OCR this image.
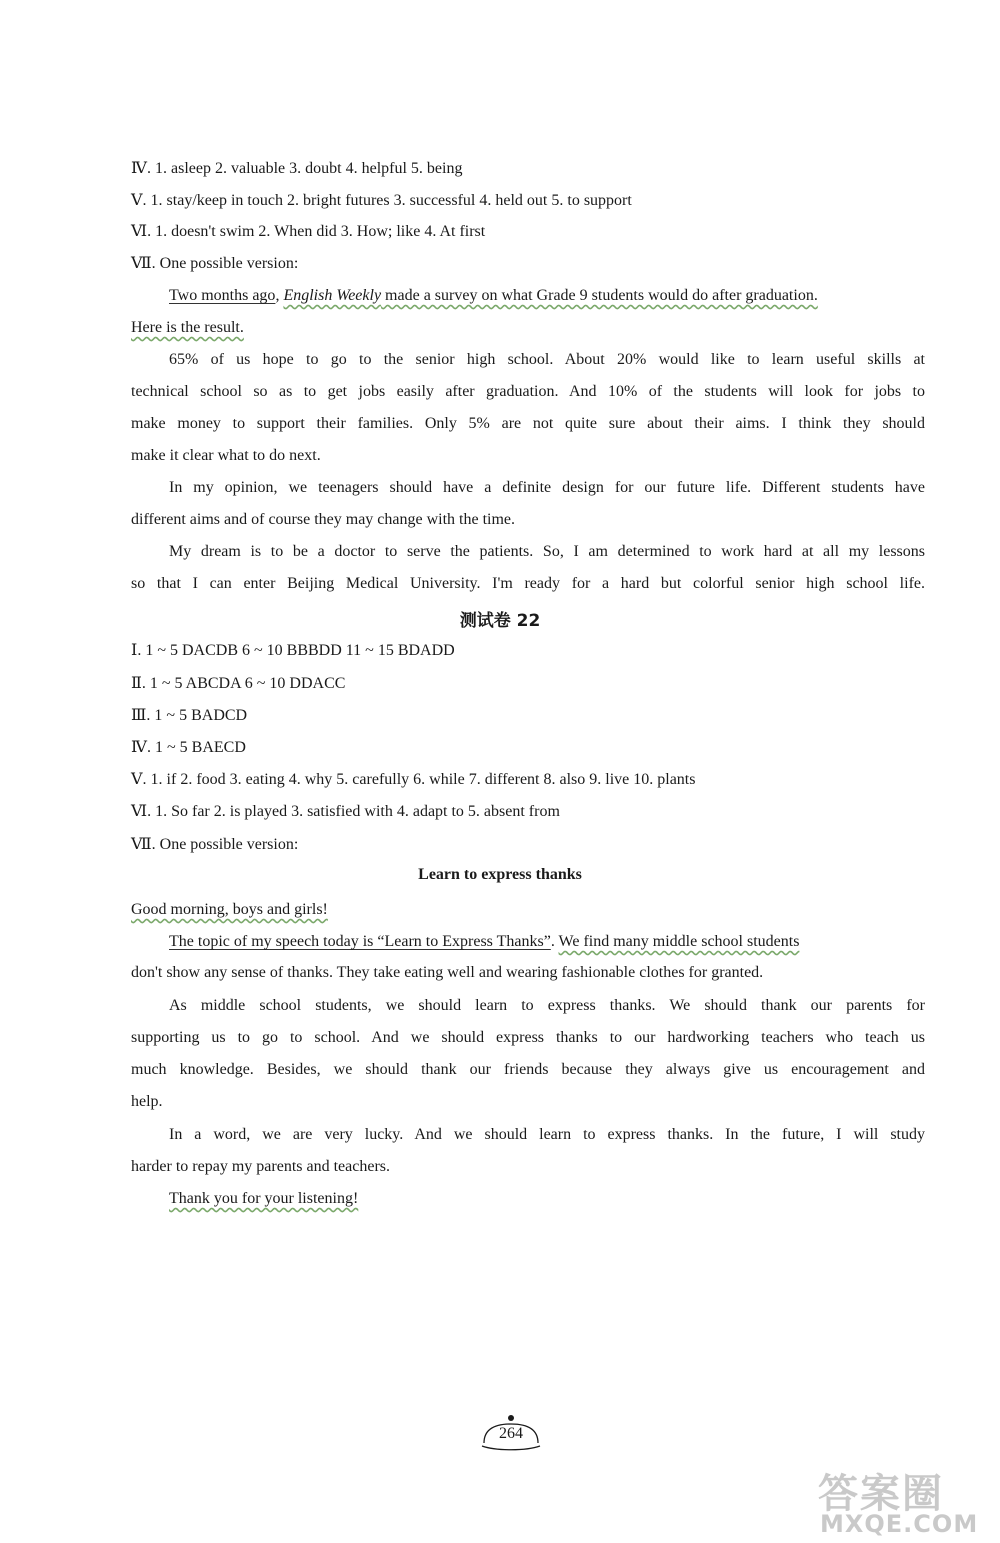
Ⅳ. 1. asleep 2. valuable 3. doubt 4. helpful 5. being
Ⅴ. 1. stay/keep in touch 2. bright futures 3. successful 4. held out 5. to support
Ⅵ. 1. doesn't swim 2. When did 3. How; like 4. At first
Ⅶ. One possible version:
Two months ago, English Weekly made a survey on what Grade 9 students would do after graduation.
Here is the result.
65% of us hope to go to the senior high school. About 20% would like to learn useful skills at
technical school so as to get jobs easily after graduation. And 10% of the students will look for jobs to
make money to support their families. Only 5% are not quite sure about their aims. I think they should
make it clear what to do next.
In my opinion, we teenagers should have a definite design for our future life. Different students have
different aims and of course they may change with the time.
My dream is to be a doctor to serve the patients. So, I am determined to work hard at all my lessons
so that I can enter Beijing Medical University. I'm ready for a hard but colorful senior high school life.
测试卷 22
Ⅰ. 1 ~ 5 DACDB 6 ~ 10 BBBDD 11 ~ 15 BDADD
Ⅱ. 1 ~ 5 ABCDA 6 ~ 10 DDACC
Ⅲ. 1 ~ 5 BADCD
Ⅳ. 1 ~ 5 BAECD
Ⅴ. 1. if 2. food 3. eating 4. why 5. carefully 6. while 7. different 8. also 9. live 10. plants
Ⅵ. 1. So far 2. is played 3. satisfied with 4. adapt to 5. absent from
Ⅶ. One possible version:
Learn to express thanks
Good morning, boys and girls!
The topic of my speech today is “Learn to Express Thanks”. We find many middle school students
don't show any sense of thanks. They take eating well and wearing fashionable clothes for granted.
As middle school students, we should learn to express thanks. We should thank our parents for
supporting us to go to school. And we should express thanks to our hardworking teachers who teach us
much knowledge. Besides, we should thank our friends because they always give us encouragement and
help.
In a word, we are very lucky. And we should learn to express thanks. In the future, I will study
harder to repay my parents and teachers.
Thank you for your listening!
264
答案圈
MXQE.COM
